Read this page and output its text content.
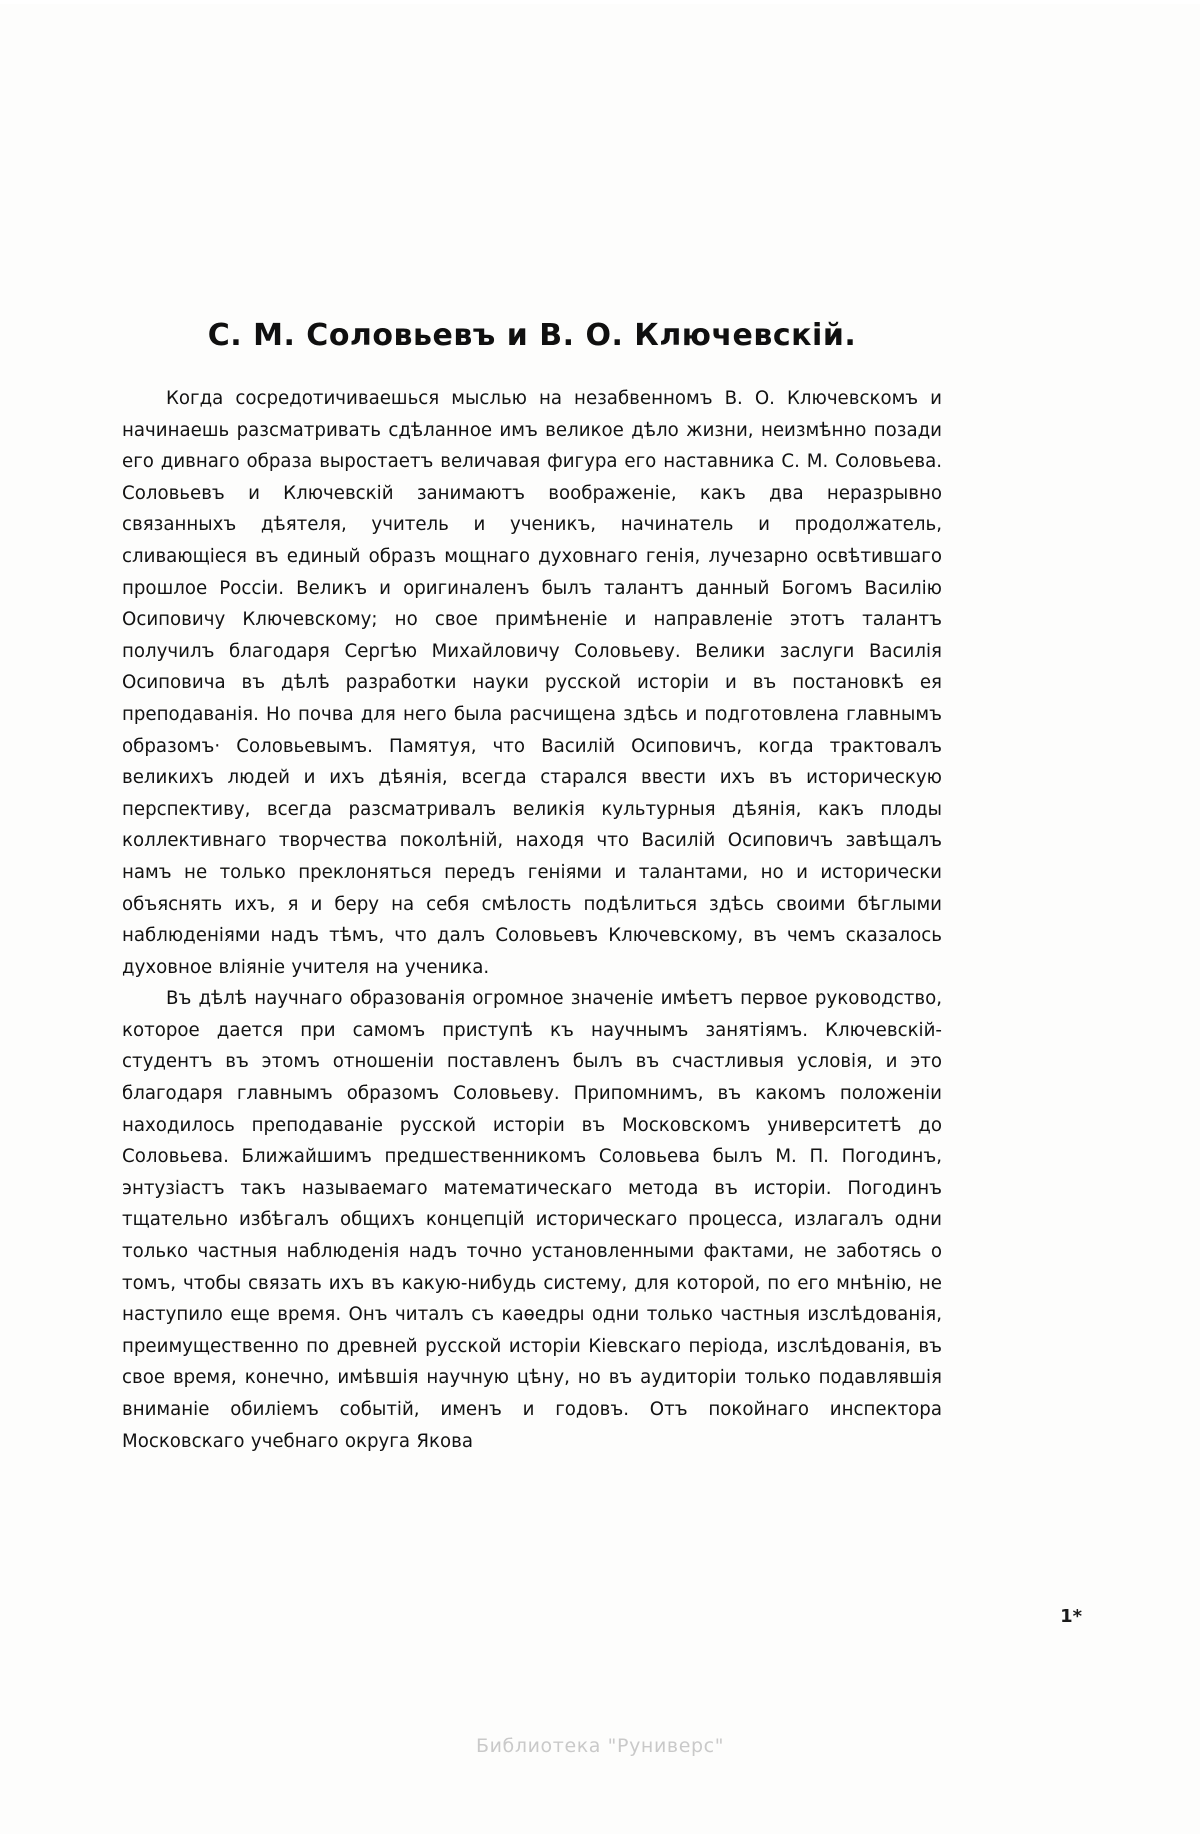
С. М. Соловьевъ и В. О. Ключевскій.

Когда сосредотичиваешься мыслью на незабвенномъ В. О. Ключевскомъ и начинаешь разсматривать сдѣланное имъ великое дѣло жизни, неизмѣнно позади его дивнаго образа выростаетъ величавая фигура его наставника С. М. Соловьева. Соловьевъ и Ключевскій занимаютъ воображеніе, какъ два неразрывно связанныхъ дѣятеля, учитель и ученикъ, начинатель и продолжатель, сливающіеся въ единый образъ мощнаго духовнаго генія, лучезарно освѣтившаго прошлое Россіи. Великъ и оригиналенъ былъ талантъ данный Богомъ Василію Осиповичу Ключевскому; но свое примѣненіе и направленіе этотъ талантъ получилъ благодаря Сергѣю Михайловичу Соловьеву. Велики заслуги Василія Осиповича въ дѣлѣ разработки науки русской исторіи и въ постановкѣ ея преподаванія. Но почва для него была расчищена здѣсь и подготовлена главнымъ образомъ· Соловьевымъ. Памятуя, что Василій Осиповичъ, когда трактовалъ великихъ людей и ихъ дѣянія, всегда старался ввести ихъ въ историческую перспективу, всегда разсматривалъ великія культурныя дѣянія, какъ плоды коллективнаго творчества поколѣній, находя что Василій Осиповичъ завѣщалъ намъ не только преклоняться передъ геніями и талантами, но и исторически объяснять ихъ, я и беру на себя смѣлость подѣлиться здѣсь своими бѣглыми наблюденіями надъ тѣмъ, что далъ Соловьевъ Ключевскому, въ чемъ сказалось духовное вліяніе учителя на ученика.

Въ дѣлѣ научнаго образованія огромное значеніе имѣетъ первое руководство, которое дается при самомъ приступѣ къ научнымъ занятіямъ. Ключевскій-студентъ въ этомъ отношеніи поставленъ былъ въ счастливыя условія, и это благодаря главнымъ образомъ Соловьеву. Припомнимъ, въ какомъ положеніи находилось преподаваніе русской исторіи въ Московскомъ университетѣ до Соловьева. Ближайшимъ предшественникомъ Соловьева былъ М. П. Погодинъ, энтузіастъ такъ называемаго математическаго метода въ исторіи. Погодинъ тщательно избѣгалъ общихъ концепцій историческаго процесса, излагалъ одни только частныя наблюденія надъ точно установленными фактами, не заботясь о томъ, чтобы связать ихъ въ какую-нибудь систему, для которой, по его мнѣнію, не наступило еще время. Онъ читалъ съ каѳедры одни только частныя изслѣдованія, преимущественно по древней русской исторіи Кіевскаго періода, изслѣдованія, въ свое время, конечно, имѣвшія научную цѣну, но въ аудиторіи только подавлявшія вниманіе обиліемъ событій, именъ и годовъ. Отъ покойнаго инспектора Московскаго учебнаго округа Якова

1*
Библиотека "Руниверс"
